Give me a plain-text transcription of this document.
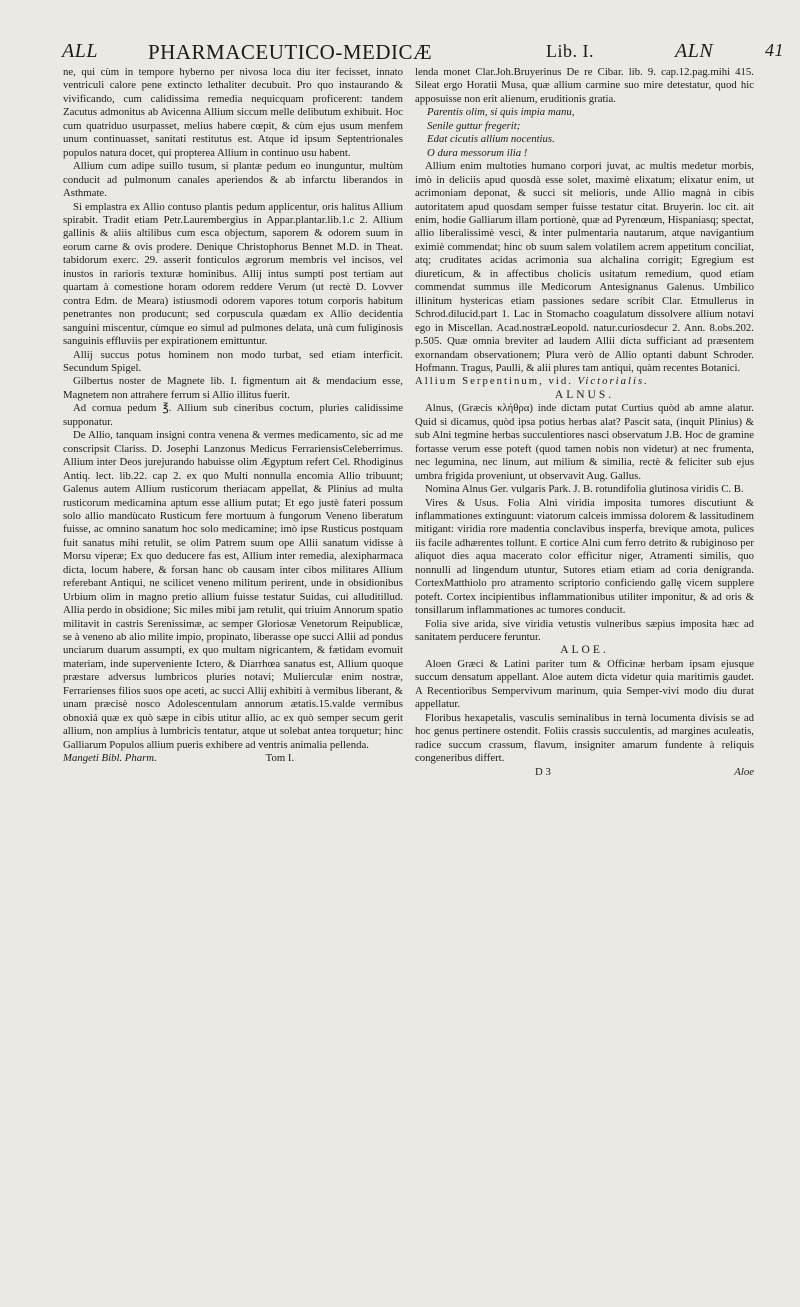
ALL PHARMACEUTICO-MEDICÆ	Lib. I.	ALN	41

ne, qui cùm in tempore hyberno per nivosa loca diu iter fecisset, innato ventriculi calore pene extincto lethaliter decubuit. Pro quo instaurando & vivificando, cum calidissima remedia nequicquam proficerent: tandem Zacutus admonitus ab Avicenna Allium siccum melle delibutum exhibuit. Hoc cum quatriduo usurpasset, melius habere cœpit, & cùm ejus usum menfem unum continuasset, sanitati restitutus est. Atque id ipsum Septentrionales populos natura docet, qui propterea Allium in continuo usu habent.

Allium cum adipe suillo tusum, si plantæ pedum eo inunguntur, multùm conducit ad pulmonum canales aperiendos & ab infarctu liberandos in Asthmate.

Si emplastra ex Allio contuso plantis pedum applicentur, oris halitus Allium spirabit. Tradit etiam Petr.Laurembergius in Appar.plantar.lib.1.c 2. Allium gallinis & aliis altilibus cum esca objectum, saporem & odorem suum in eorum carne & ovis prodere. Denique Christophorus Bennet M.D. in Theat. tabidorum exerc. 29. asserit fonticulos ægrorum membris vel incisos, vel inustos in rarioris texturæ hominibus. Allij intus sumpti post tertiam aut quartam à comestione horam odorem reddere Verum (ut rectè D. Lovver contra Edm. de Meara) istiusmodi odorem vapores totum corporis habitum penetrantes non producunt; sed corpuscula quædam ex Allio decidentia sanguini miscentur, cùmque eo simul ad pulmones delata, unà cum fuliginosis sanguinis effluviis per expirationem emittuntur.

Allij succus potus hominem non modo turbat, sed etiam interficit. Secundum Spigel.

Gilbertus noster de Magnete lib. I. figmentum ait & mendacium esse, Magnetem non attrahere ferrum si Allio illitus fuerit.

Ad cornua pedum ℥. Allium sub cineribus coctum, pluries calidissime supponatur.

De Allio, tanquam insigni contra venena & vermes medicamento, sic ad me conscripsit Clariss. D. Josephi Lanzonus Medicus FerrariensisCeleberrimus. Allium inter Deos jurejurando habuisse olim Ægyptum refert Cel. Rhodiginus Antiq. lect. lib.22. cap 2. ex quo Multi nonnulla encomia Allio tribuunt; Galenus autem Allium rusticorum theriacam appellat, & Plinius ad multa rusticorum medicamina aptum esse allium putat; Et ego justè fateri possum solo allio mandùcato Rusticum fere mortuum à fungorum Veneno liberatum fuisse, ac omnino sanatum hoc solo medicamine; imò ipse Rusticus postquam fuit sanatus mihi retulit, se olim Patrem suum ope Allii sanatum vidisse à Morsu viperæ; Ex quo deducere fas est, Allium inter remedia, alexipharmaca dicta, locum habere, & forsan hanc ob causam inter cibos militares Allium referebant Antiqui, ne scilicet veneno militum perirent, unde in obsidionibus Urbium olim in magno pretio allium fuisse testatur Suidas, cui alluditillud. Allia perdo in obsidione; Sic miles mibi jam retulit, qui triuim Annorum spatio militavit in castris Serenissimæ, ac semper Gloriosæ Venetorum Reipublicæ, se à veneno ab alio milite impio, propinato, liberasse ope succi Allii ad pondus unciarum duarum assumpti, ex quo multam nigricantem, & fætidam evomuit materiam, inde superveniente Ictero, & Diarrhœa sanatus est, Allium quoque præstare adversus lumbricos pluries notavi; Mulierculæ enim nostræ, Ferrarienses filios suos ope aceti, ac succi Allij exhibiti à vermibus liberant, & unam præcisè nosco Adolescentulam annorum ætatis.15.valde vermibus obnoxiá quæ ex quò sæpe in cibis utitur allio, ac ex quò semper secum gerit allium, non amplius à lumbricis tentatur, atque ut solebat antea torquetur; hinc Galliarum Populos allium pueris exhibere ad ventris animalia pellenda.

Mangeti Bibl. Pharm.	Tom I.

lenda monet Clar.Joh.Bruyerinus De re Cibar. lib. 9. cap.12.pag.mihi 415. Sileat ergo Horatii Musa, quæ allium carmine suo mire detestatur, quod hic apposuisse non erit alienum, eruditionis gratia.

Parentis olim, si quis impia manu,

Senile guttur fregerit;

Edat cicutis allium nocentius.

O dura messorum ilia !

Allium enim multoties humano corpori juvat, ac multis medetur morbis, imò in deliciis apud quosdà esse solet, maximè elixatum; elixatur enim, ut acrimoniam deponat, & succi sit melioris, unde Allio magnà in cibis autoritatem apud quosdam semper fuisse testatur citat. Bruyerin. loc cit. ait enim, hodie Galliarum illam portionè, quæ ad Pyrenœum, Hispaniasq; spectat, allio liberalissimè vesci, & inter pulmentaria nautarum, atque navigantium eximiè commendat; hinc ob suum salem volatilem acrem appetitum conciliat, atq; cruditates acidas acrimonia sua alchalina corrigit; Egregium est diureticum, & in affectibus cholicis usitatum remedium, quod etiam commendat summus ille Medicorum Antesignanus Galenus. Umbilico illinitum hystericas etiam passiones sedare scribit Clar. Etmullerus in Schrod.dilucid.part 1. Lac in Stomacho coagulatum dissolvere allium notavi ego in Miscellan. Acad.nostræLeopold. natur.curiosdecur 2. Ann. 8.obs.202. p.505. Quæ omnia breviter ad laudem Allii dicta sufficiant ad præsentem exornandam observationem; Plura verò de Allio optanti dabunt Schroder. Hofmann. Tragus, Paulli, & alii plures tam antiqui, quàm recentes Botanici.

Allium Serpentinum, vid. Victorialis.

ALNUS.

Alnus, (Græcis κλήθρα) inde dictam putat Curtius quòd ab amne alatur. Quid si dicamus, quòd ipsa potius herbas alat? Pascit sata, (inquit Plinius) & sub Alni tegmine herbas succulentiores nasci observatum J.B. Hoc de gramine fortasse verum esse poteft (quod tamen nobis non videtur) at nec frumenta, nec legumina, nec linum, aut milium & similia, rectè & feliciter sub ejus umbra frigida proveniunt, ut observavit Aug. Gallus.

Nomina Alnus Ger. vulgaris Park. J. B. rotundifolia glutinosa viridis C. B.

Vires & Usus. Folia Alni viridia imposita tumores discutiunt & inflammationes extinguunt: viatorum calceis immissa dolorem & lassitudinem mitigant: viridia rore madentia conclavibus insperfa, brevique amota, pulices iis facile adhærentes tollunt. E cortice Alni cum ferro detrito & rubiginoso per aliquot dies aqua macerato color efficitur niger, Atramenti similis, quo nonnulli ad lingendum utuntur, Sutores etiam etiam ad coria denigranda. CortexMatthiolo pro atramento scriptorio conficiendo gallę vicem supplere poteft. Cortex incipientibus inflammationibus utiliter imponitur, & ad oris & tonsillarum inflammationes ac tumores conducit.

Folia sive arida, sive viridia vetustis vulneribus sæpius imposita hæc ad sanitatem perducere feruntur.

ALOE.

Aloen Græci & Latini pariter tum & Officinæ herbam ipsam ejusque succum densatum appellant. Aloe autem dicta videtur quia maritimis gaudet. A Recentioribus Sempervivum marinum, quia Semper-vivi modo diu durat appellatur.

Floribus hexapetalis, vasculis seminalibus in ternà locumenta divisis se ad hoc genus pertinere ostendit. Foliis crassis succulentis, ad margines aculeatis, radice succum crassum, flavum, insigniter amarum fundente à reliquis congeneribus differt.

D 3	Aloe
